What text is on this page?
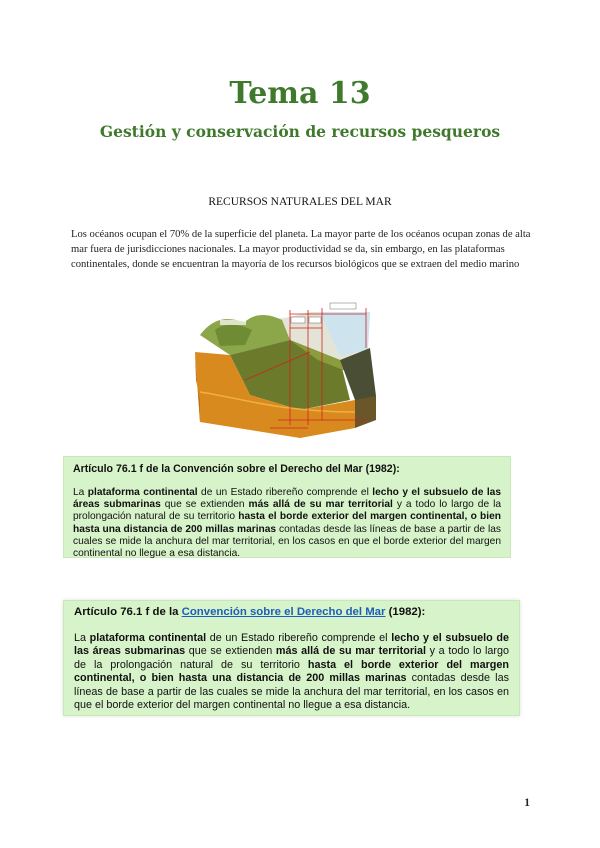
Tema 13
Gestión y conservación de recursos pesqueros

RECURSOS NATURALES DEL MAR

Los océanos ocupan el 70% de la superficie del planeta. La mayor parte de los océanos ocupan zonas de alta mar fuera de jurisdicciones nacionales. La mayor productividad se da, sin embargo, en las plataformas continentales, donde se encuentran la mayoría de los recursos biológicos que se extraen del medio marino

Artículo 76.1 f de la Convención sobre el Derecho del Mar (1982):

La plataforma continental de un Estado ribereño comprende el lecho y el subsuelo de las áreas submarinas que se extienden más allá de su mar territorial y a todo lo largo de la prolongación natural de su territorio hasta el borde exterior del margen continental, o bien hasta una distancia de 200 millas marinas contadas desde las líneas de base a partir de las cuales se mide la anchura del mar territorial, en los casos en que el borde exterior del margen continental no llegue a esa distancia.

Artículo 76.1 f de la Convención sobre el Derecho del Mar (1982):

La plataforma continental de un Estado ribereño comprende el lecho y el subsuelo de las áreas submarinas que se extienden más allá de su mar territorial y a todo lo largo de la prolongación natural de su territorio hasta el borde exterior del margen continental, o bien hasta una distancia de 200 millas marinas contadas desde las líneas de base a partir de las cuales se mide la anchura del mar territorial, en los casos en que el borde exterior del margen continental no llegue a esa distancia.

1
